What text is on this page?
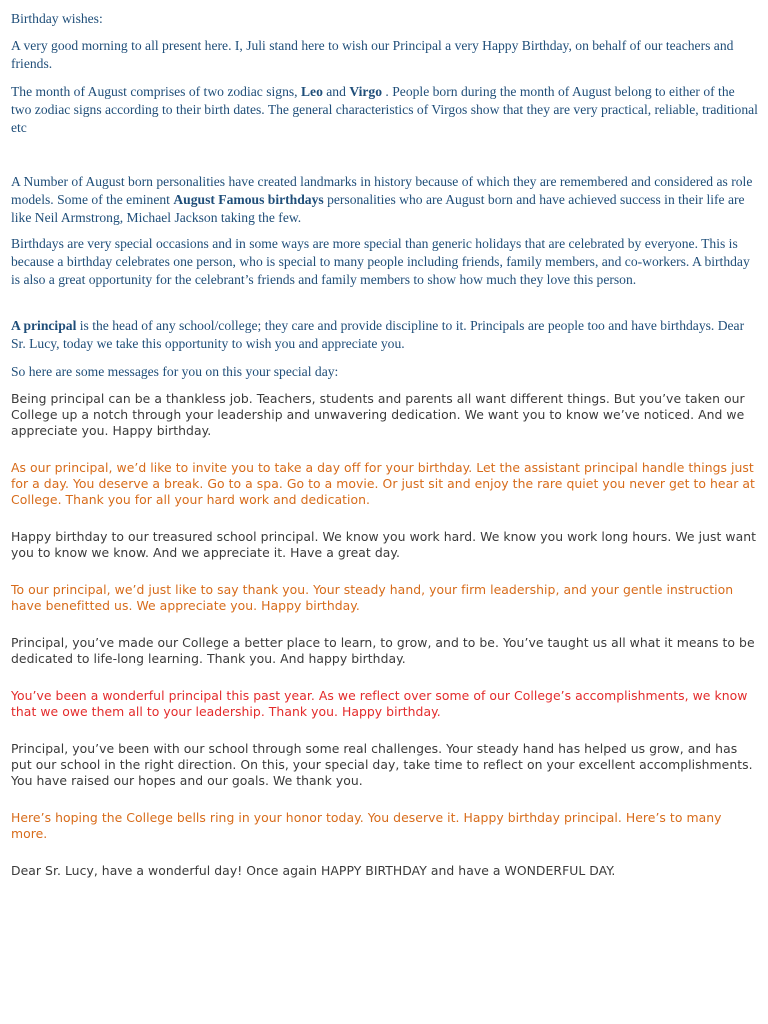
Birthday wishes:

A very good morning to all present here. I, Juli stand here to wish our Principal a very Happy Birthday, on behalf of our teachers and friends.

The month of August comprises of two zodiac signs, Leo and Virgo . People born during the month of August belong to either of the two zodiac signs according to their birth dates. The general characteristics of Virgos show that they are very practical, reliable, traditional etc

A Number of August born personalities have created landmarks in history because of which they are remembered and considered as role models. Some of the eminent August Famous birthdays personalities who are August born and have achieved success in their life are like Neil Armstrong, Michael Jackson taking the few.

Birthdays are very special occasions and in some ways are more special than generic holidays that are celebrated by everyone. This is because a birthday celebrates one person, who is special to many people including friends, family members, and co-workers. A birthday is also a great opportunity for the celebrant’s friends and family members to show how much they love this person.

A principal is the head of any school/college; they care and provide discipline to it. Principals are people too and have birthdays. Dear Sr. Lucy, today we take this opportunity to wish you and appreciate you.

So here are some messages for you on this your special day:

Being principal can be a thankless job. Teachers, students and parents all want different things. But you’ve taken our College up a notch through your leadership and unwavering dedication. We want you to know we’ve noticed. And we appreciate you. Happy birthday.

As our principal, we’d like to invite you to take a day off for your birthday. Let the assistant principal handle things just for a day. You deserve a break. Go to a spa. Go to a movie. Or just sit and enjoy the rare quiet you never get to hear at College. Thank you for all your hard work and dedication.

Happy birthday to our treasured school principal. We know you work hard. We know you work long hours. We just want you to know we know. And we appreciate it. Have a great day.

To our principal, we’d just like to say thank you. Your steady hand, your firm leadership, and your gentle instruction have benefitted us. We appreciate you. Happy birthday.

Principal, you’ve made our College a better place to learn, to grow, and to be. You’ve taught us all what it means to be dedicated to life-long learning. Thank you. And happy birthday.

You’ve been a wonderful principal this past year. As we reflect over some of our College’s accomplishments, we know that we owe them all to your leadership. Thank you. Happy birthday.

Principal, you’ve been with our school through some real challenges. Your steady hand has helped us grow, and has put our school in the right direction. On this, your special day, take time to reflect on your excellent accomplishments. You have raised our hopes and our goals. We thank you.

Here’s hoping the College bells ring in your honor today. You deserve it. Happy birthday principal. Here’s to many more.

Dear Sr. Lucy, have a wonderful day! Once again HAPPY BIRTHDAY and have a WONDERFUL DAY.
